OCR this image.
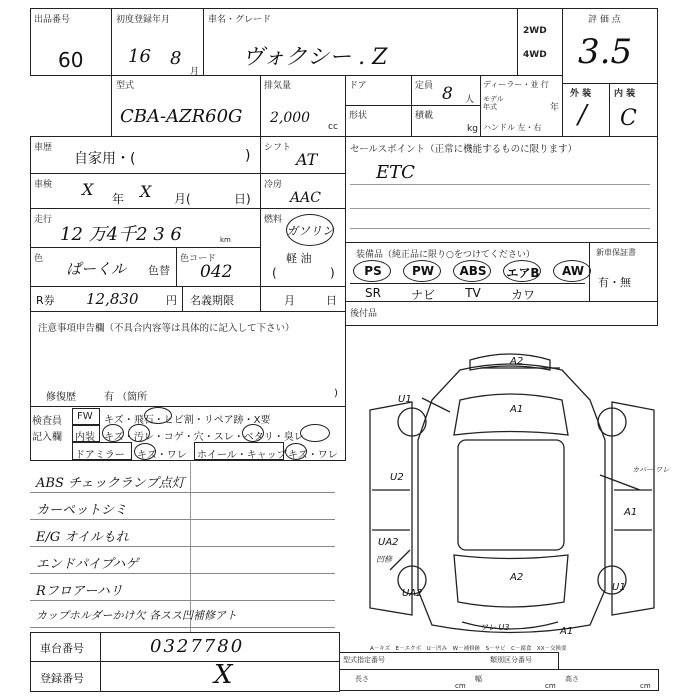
出品番号
60
初度登録年月
16 8
月
車名・グレード
ヴォクシー . Z
2WD
4WD
評 価 点
3.5
型式
CBA-AZR60G
排気量
2,000
cc
ドア
形状
定員 8 人
積載
kg
ディーラー・並 行
モデル
年式	年
ハンドル 左・右
外 装
/
内 装
C
車歴
自家用・(	)
車検 X 年 X 月(	日)
走行
12 万4千2 3 6	km
色
ぱーくル 色替
色コード
042
R券 12,830	円 名義期限	月	日
注意事項申告欄（不具合内容等は具体的に記入して下さい）
修復歴	有 （箇所	)
シフト
AT
冷房
AAC
燃料
ガソリン
軽 油
(	)
セールスポイント（正常に機能するものに限ります）
ETC
装備品（純正品に限り○をつけてください）	新車保証書
有・無
後付品
検査員
記入欄
FW キズ・飛石・ヒビ割・リペア跡・X要
内装 キズ・汚レ・コゲ・穴・スレ・ベタリ・臭レ
ドアミラー キズ・ワレ ホイール・キャップ キズ・ワレ
車台番号	0327780
登録番号	X	型式指定番号	類別区分番号
長さ
cm
幅
cm
高さ
cm
A2
U1
A1
U2
カバー ワレ
A1
UA2
凹修
A2
UA2
U1
ワレ U3	A1
A－キズ　E－エクボ　U－凹み　W－補修跡　S－サビ　C－腐食　XX－交換要
PS	PW	ABS	エアB	AW
SR	ナビ	TV	カワ
ABS チェックランプ点灯
カーペットシミ
E/G オイルもれ
エンドパイプハゲ
Rフロアーハリ
カップホルダーかけ欠 各スス凹補修アト
